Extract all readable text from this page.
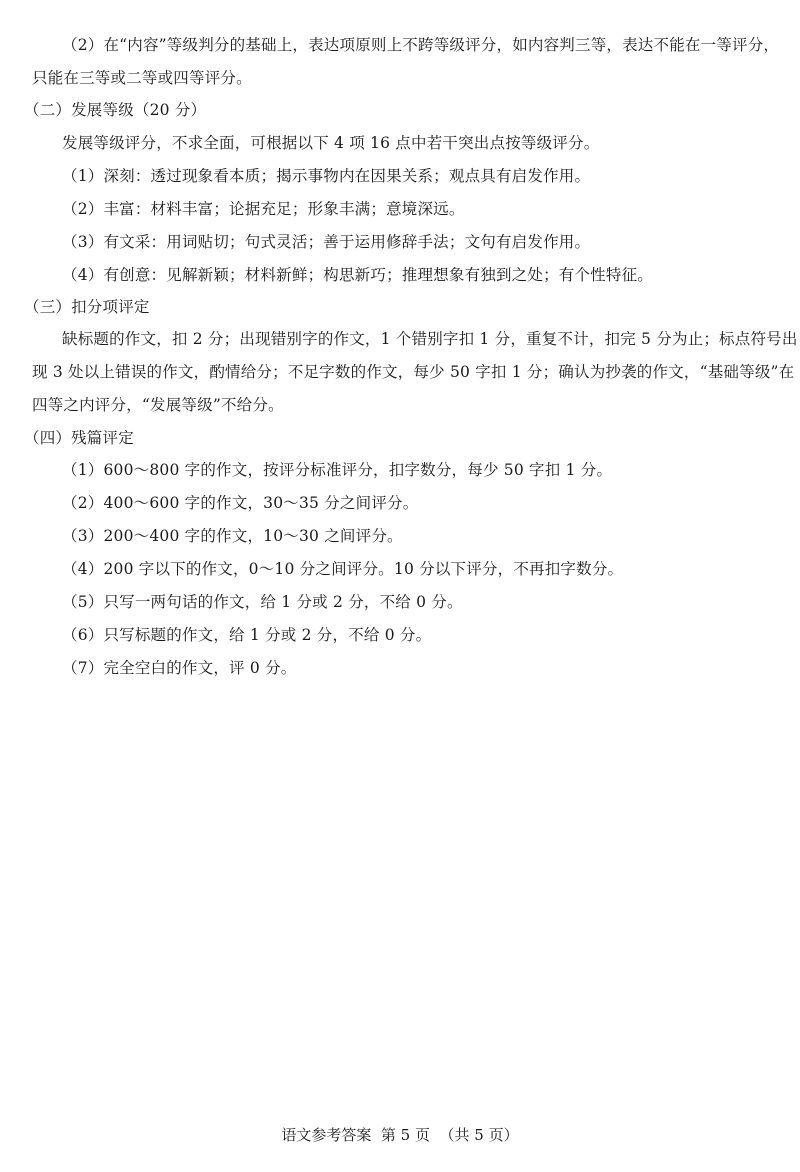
（2）在“内容”等级判分的基础上，表达项原则上不跨等级评分，如内容判三等，表达不能在一等评分，
只能在三等或二等或四等评分。
（二）发展等级（20 分）
发展等级评分，不求全面，可根据以下 4 项 16 点中若干突出点按等级评分。
（1）深刻：透过现象看本质；揭示事物内在因果关系；观点具有启发作用。
（2）丰富：材料丰富；论据充足；形象丰满；意境深远。
（3）有文采：用词贴切；句式灵活；善于运用修辞手法；文句有启发作用。
（4）有创意：见解新颖；材料新鲜；构思新巧；推理想象有独到之处；有个性特征。
（三）扣分项评定
缺标题的作文，扣 2 分；出现错别字的作文，1 个错别字扣 1 分，重复不计，扣完 5 分为止；标点符号出
现 3 处以上错误的作文，酌情给分；不足字数的作文，每少 50 字扣 1 分；确认为抄袭的作文，“基础等级”在
四等之内评分，“发展等级”不给分。
（四）残篇评定
（1）600～800 字的作文，按评分标准评分，扣字数分，每少 50 字扣 1 分。
（2）400～600 字的作文，30～35 分之间评分。
（3）200～400 字的作文，10～30 之间评分。
（4）200 字以下的作文，0～10 分之间评分。10 分以下评分，不再扣字数分。
（5）只写一两句话的作文，给 1 分或 2 分，不给 0 分。
（6）只写标题的作文，给 1 分或 2 分，不给 0 分。
（7）完全空白的作文，评 0 分。
语文参考答案  第 5 页  （共 5 页）
